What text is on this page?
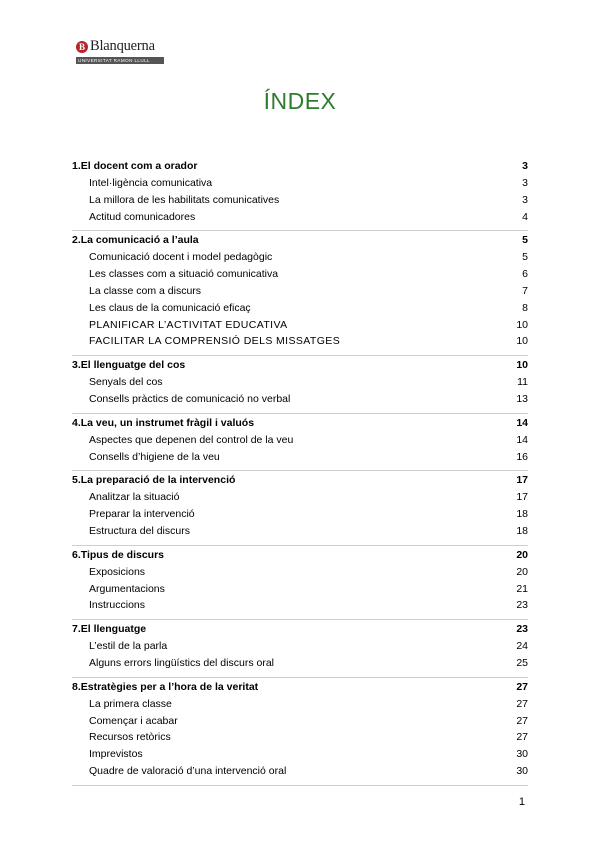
B Blanquerna
UNIVERSITAT RAMON LLULL
ÍNDEX
1.El docent com a orador	3
Intel·ligència comunicativa	3
La millora de les habilitats comunicatives	3
Actitud comunicadores	4
2.La comunicació a l’aula	5
Comunicació docent i model pedagògic	5
Les classes com a situació comunicativa	6
La classe com a discurs	7
Les claus de la comunicació eficaç	8
PLANIFICAR L’ACTIVITAT EDUCATIVA	10
FACILITAR LA COMPRENSIÓ DELS MISSATGES	10
3.El llenguatge del cos	10
Senyals del cos	11
Consells pràctics de comunicació no verbal	13
4.La veu, un instrumet fràgil i valuós	14
Aspectes que depenen del control de la veu	14
Consells d’higiene de la veu	16
5.La preparació de la intervenció	17
Analitzar la situació	17
Preparar la intervenció	18
Estructura del discurs	18
6.Tipus de discurs	20
Exposicions	20
Argumentacions	21
Instruccions	23
7.El llenguatge	23
L’estil de la parla	24
Alguns errors lingüístics del discurs oral	25
8.Estratègies per a l’hora de la veritat	27
La primera classe	27
Començar i acabar	27
Recursos retòrics	27
Imprevistos	30
Quadre de valoració d’una intervenció oral	30
1
